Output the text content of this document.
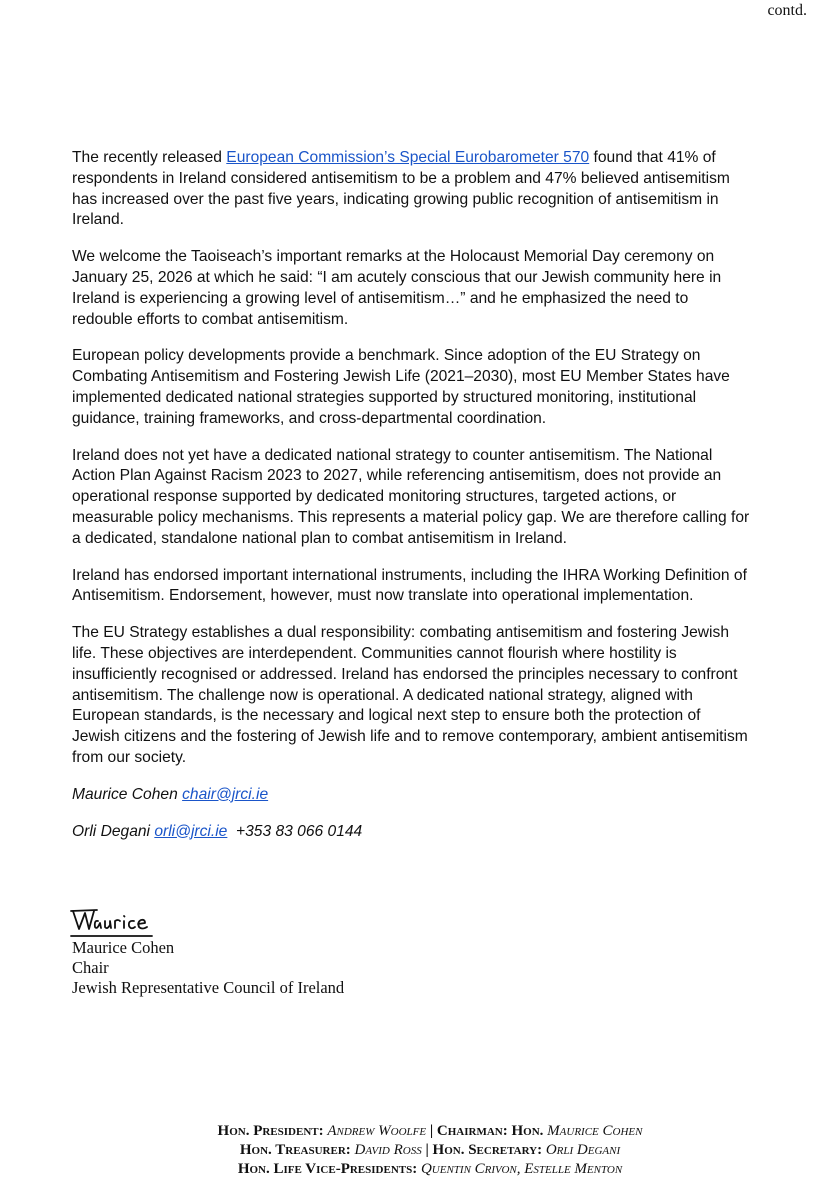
contd.

The recently released European Commission’s Special Eurobarometer 570 found that 41% of respondents in Ireland considered antisemitism to be a problem and 47% believed antisemitism has increased over the past five years, indicating growing public recognition of antisemitism in Ireland.

We welcome the Taoiseach’s important remarks at the Holocaust Memorial Day ceremony on January 25, 2026 at which he said: “I am acutely conscious that our Jewish community here in Ireland is experiencing a growing level of antisemitism…” and he emphasized the need to redouble efforts to combat antisemitism.

European policy developments provide a benchmark. Since adoption of the EU Strategy on Combating Antisemitism and Fostering Jewish Life (2021–2030), most EU Member States have implemented dedicated national strategies supported by structured monitoring, institutional guidance, training frameworks, and cross-departmental coordination.

Ireland does not yet have a dedicated national strategy to counter antisemitism. The National Action Plan Against Racism 2023 to 2027, while referencing antisemitism, does not provide an operational response supported by dedicated monitoring structures, targeted actions, or measurable policy mechanisms. This represents a material policy gap. We are therefore calling for a dedicated, standalone national plan to combat antisemitism in Ireland.

Ireland has endorsed important international instruments, including the IHRA Working Definition of Antisemitism. Endorsement, however, must now translate into operational implementation.

The EU Strategy establishes a dual responsibility: combating antisemitism and fostering Jewish life. These objectives are interdependent. Communities cannot flourish where hostility is insufficiently recognised or addressed. Ireland has endorsed the principles necessary to confront antisemitism. The challenge now is operational. A dedicated national strategy, aligned with European standards, is the necessary and logical next step to ensure both the protection of Jewish citizens and the fostering of Jewish life and to remove contemporary, ambient antisemitism from our society.

Maurice Cohen chair@jrci.ie

Orli Degani orli@jrci.ie +353 83 066 0144

Maurice Cohen
Chair
Jewish Representative Council of Ireland
Hon. President: Andrew Woolfe | Chairman: Hon. Maurice Cohen
Hon. Treasurer: David Ross | Hon. Secretary: Orli Degani
Hon. Life Vice-Presidents: Quentin Crivon, Estelle Menton
